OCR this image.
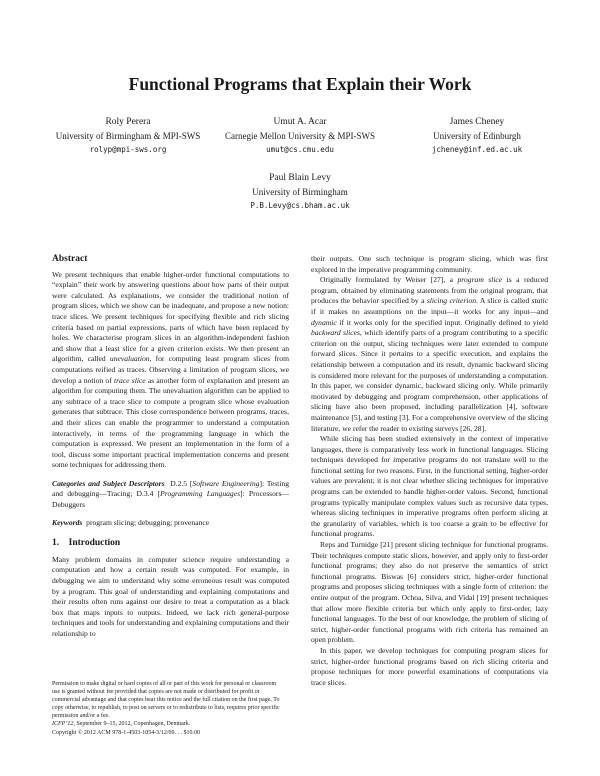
Functional Programs that Explain their Work
Roly Perera
University of Birmingham & MPI-SWS
rolyp@mpi-sws.org
Umut A. Acar
Carnegie Mellon University & MPI-SWS
umut@cs.cmu.edu
James Cheney
University of Edinburgh
jcheney@inf.ed.ac.uk
Paul Blain Levy
University of Birmingham
P.B.Levy@cs.bham.ac.uk
Abstract

We present techniques that enable higher-order functional computations to “explain” their work by answering questions about how parts of their output were calculated. As explanations, we consider the traditional notion of program slices, which we show can be inadequate, and propose a new notion: trace slices. We present techniques for specifying flexible and rich slicing criteria based on partial expressions, parts of which have been replaced by holes. We characterise program slices in an algorithm-independent fashion and show that a least slice for a given criterion exists. We then present an algorithm, called unevaluation, for computing least program slices from computations reified as traces. Observing a limitation of program slices, we develop a notion of trace slice as another form of explanation and present an algorithm for computing them. The unevaluation algorithm can be applied to any subtrace of a trace slice to compute a program slice whose evaluation generates that subtrace. This close correspondence between programs, traces, and their slices can enable the programmer to understand a computation interactively, in terms of the programming language in which the computation is expressed. We present an implementation in the form of a tool, discuss some important practical implementation concerns and present some techniques for addressing them.

Categories and Subject Descriptors D.2.5 [Software Engineering]: Testing and debugging—Tracing; D.3.4 [Programming Languages]: Processors—Debuggers

Keywords program slicing; debugging; provenance

1. Introduction

Many problem domains in computer science require understanding a computation and how a certain result was computed. For example, in debugging we aim to understand why some erroneous result was computed by a program. This goal of understanding and explaining computations and their results often runs against our desire to treat a computation as a black box that maps inputs to outputs. Indeed, we lack rich general-purpose techniques and tools for understanding and explaining computations and their relationship to

Permission to make digital or hard copies of all or part of this work for personal or classroom use is granted without fee provided that copies are not made or distributed for profit or commercial advantage and that copies bear this notice and the full citation on the first page. To copy otherwise, to republish, to post on servers or to redistribute to lists, requires prior specific permission and/or a fee.

ICFP’12, September 9–15, 2012, Copenhagen, Denmark.

Copyright © 2012 ACM 978-1-4503-1054-3/12/09. . . $10.00

their outputs. One such technique is program slicing, which was first explored in the imperative programming community.

Originally formulated by Weiser [27], a program slice is a reduced program, obtained by eliminating statements from the original program, that produces the behavior specified by a slicing criterion. A slice is called static if it makes no assumptions on the input—it works for any input—and dynamic if it works only for the specified input. Originally defined to yield backward slices, which identify parts of a program contributing to a specific criterion on the output, slicing techniques were later extended to compute forward slices. Since it pertains to a specific execution, and explains the relationship between a computation and its result, dynamic backward slicing is considered more relevant for the purposes of understanding a computation. In this paper, we consider dynamic, backward slicing only. While primarily motivated by debugging and program comprehension, other applications of slicing have also been proposed, including parallelization [4], software maintenance [5], and testing [3]. For a comprehensive overview of the slicing literature, we refer the reader to existing surveys [26, 28].

While slicing has been studied extensively in the context of imperative languages, there is comparatively less work in functional languages. Slicing techniques developed for imperative programs do not translate well to the functional setting for two reasons. First, in the functional setting, higher-order values are prevalent; it is not clear whether slicing techniques for imperative programs can be extended to handle higher-order values. Second, functional programs typically manipulate complex values such as recursive data types, whereas slicing techniques in imperative programs often perform slicing at the granularity of variables, which is too coarse a grain to be effective for functional programs.

Reps and Turnidge [21] present slicing technique for functional programs. Their techniques compute static slices, however, and apply only to first-order functional programs; they also do not preserve the semantics of strict functional programs. Biswas [6] considers strict, higher-order functional programs and proposes slicing techniques with a single form of criterion: the entire output of the program. Ochoa, Silva, and Vidal [19] present techniques that allow more flexible criteria but which only apply to first-order, lazy functional languages. To the best of our knowledge, the problem of slicing of strict, higher-order functional programs with rich criteria has remained an open problem.

In this paper, we develop techniques for computing program slices for strict, higher-order functional programs based on rich slicing criteria and propose techniques for more powerful examinations of computations via trace slices.
